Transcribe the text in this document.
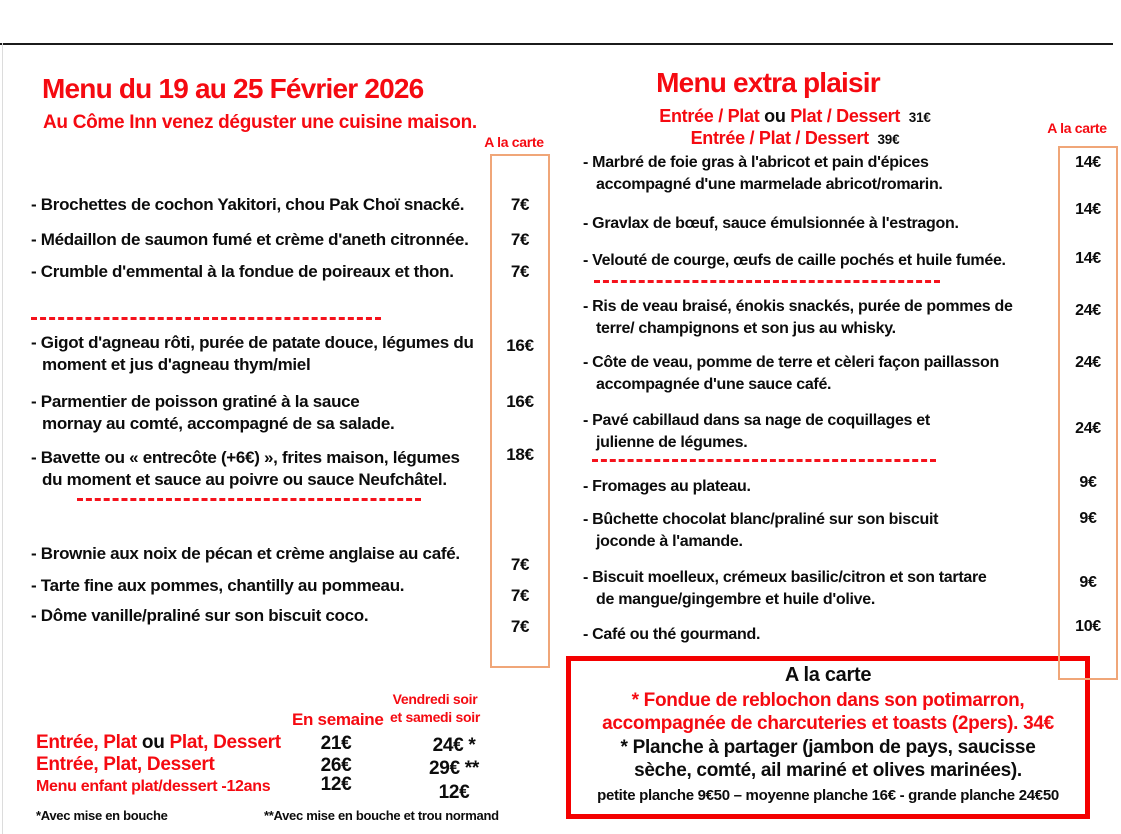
Menu du 19 au 25 Février 2026
Au Côme Inn venez déguster une cuisine maison.
A la carte
- Brochettes de cochon Yakitori, chou Pak Choï snacké.	7€
- Médaillon de saumon fumé et crème d'aneth citronnée.	7€
- Crumble d'emmental à la fondue de poireaux et thon.	7€
- Gigot d'agneau rôti, purée de patate douce, légumes du
moment et jus d'agneau thym/miel
16€
- Parmentier de poisson gratiné à la sauce
mornay au comté, accompagné de sa salade.
16€
- Bavette ou « entrecôte (+6€) », frites maison, légumes
du moment et sauce au poivre ou sauce Neufchâtel.
18€
- Brownie aux noix de pécan et crème anglaise au café.
7€
- Tarte fine aux pommes, chantilly au pommeau.
7€
- Dôme vanille/praliné sur son biscuit coco.
7€
En semaine
Vendredi soir
et samedi soir
Entrée, Plat ou Plat, Dessert	21€	24€ *
Entrée, Plat, Dessert	26€	29€ **
Menu enfant plat/dessert -12ans	12€	12€
*Avec mise en bouche	**Avec mise en bouche et trou normand
Menu extra plaisir
Entrée / Plat ou Plat / Dessert 31€
Entrée / Plat / Dessert 39€
A la carte
- Marbré de foie gras à l'abricot et pain d'épices
accompagné d'une marmelade abricot/romarin.
14€
- Gravlax de bœuf, sauce émulsionnée à l'estragon.
14€
- Velouté de courge, œufs de caille pochés et huile fumée.	14€
- Ris de veau braisé, énokis snackés, purée de pommes de
terre/ champignons et son jus au whisky.
24€
- Côte de veau, pomme de terre et cèleri façon paillasson
accompagnée d'une sauce café.
24€
- Pavé cabillaud dans sa nage de coquillages et
julienne de légumes.
24€
- Fromages au plateau.	9€
- Bûchette chocolat blanc/praliné sur son biscuit
joconde à l'amande.
9€
- Biscuit moelleux, crémeux basilic/citron et son tartare
de mangue/gingembre et huile d'olive.
9€
- Café ou thé gourmand.	10€
A la carte
* Fondue de reblochon dans son potimarron,
accompagnée de charcuteries et toasts (2pers). 34€
* Planche à partager (jambon de pays, saucisse
sèche, comté, ail mariné et olives marinées).
petite planche 9€50 – moyenne planche 16€ - grande planche 24€50
